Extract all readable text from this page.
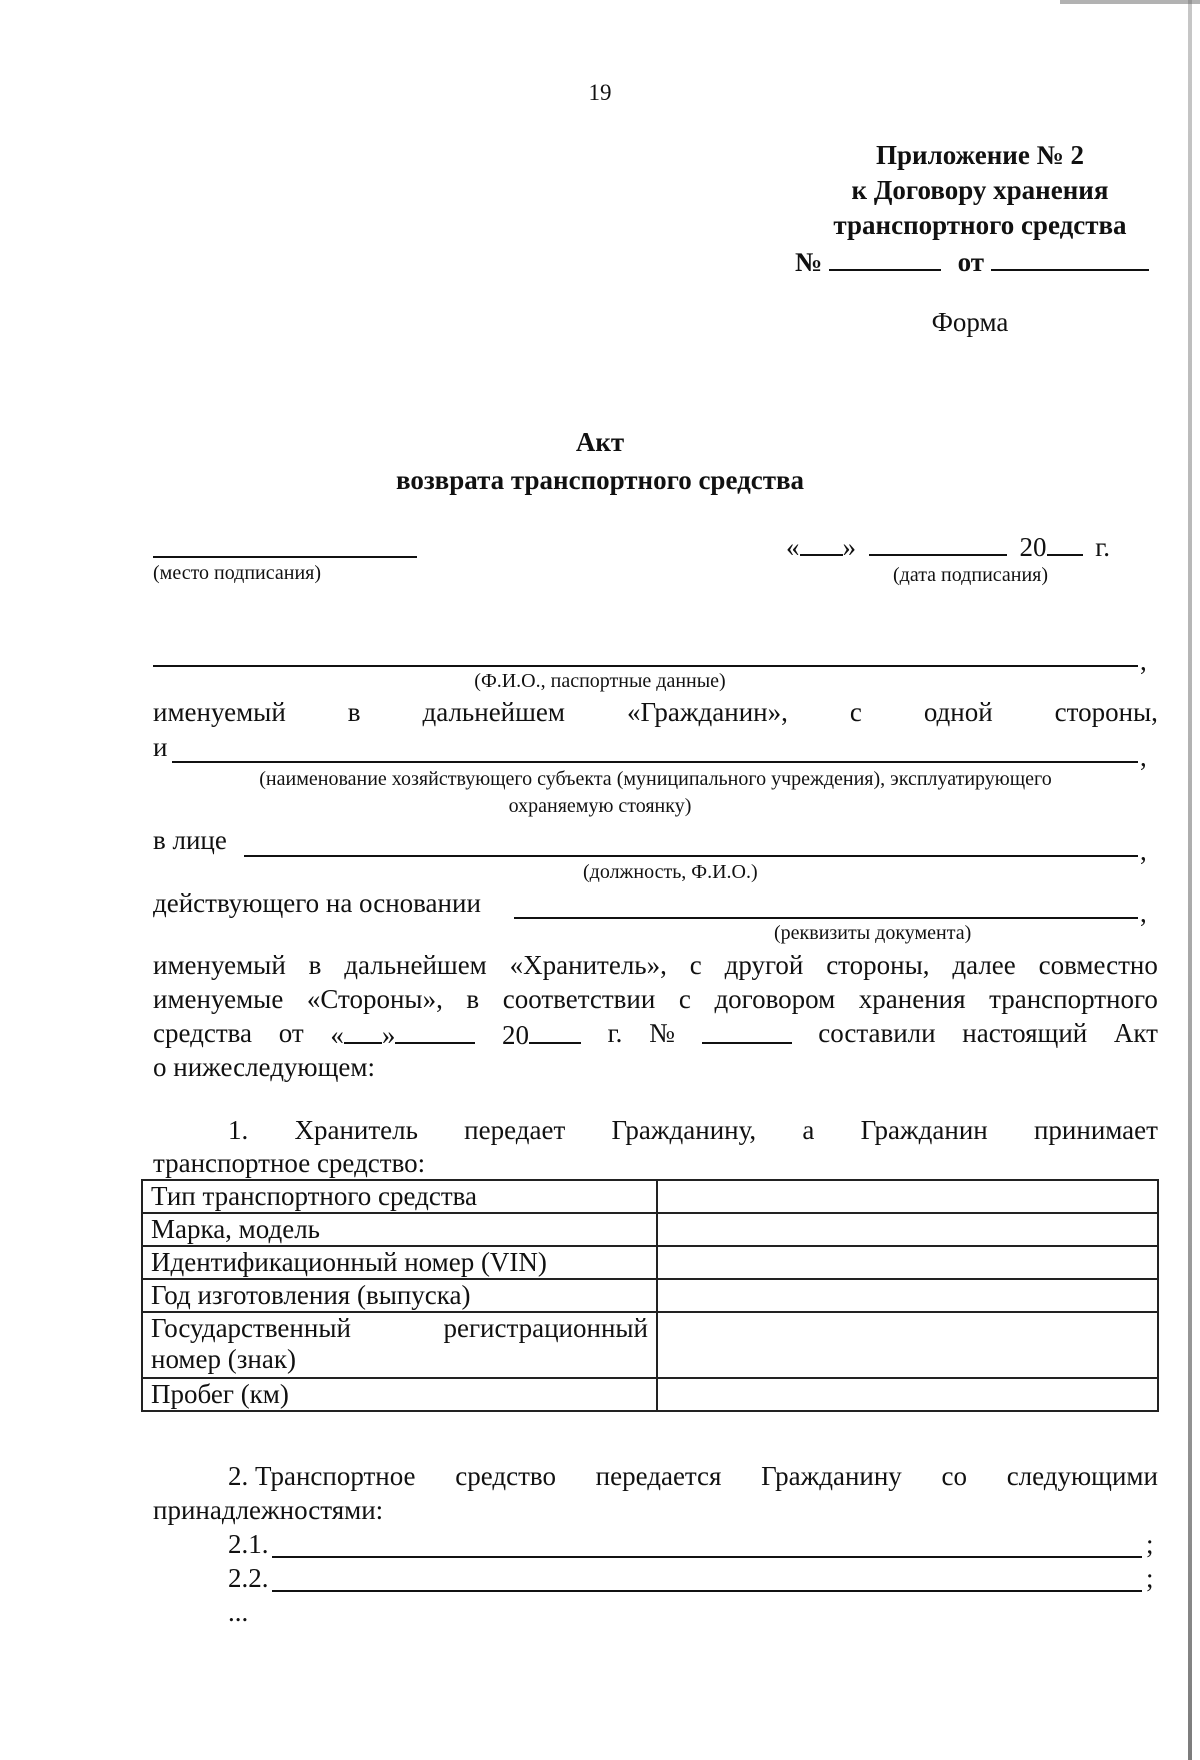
19
Приложение № 2
к Договору хранения
транспортного средства
№	от
Форма
Акт
возврата транспортного средства
(место подписания)
« »	20 г.
(дата подписания)
,
(Ф.И.О., паспортные данные)
именуемый в дальнейшем «Гражданин», с одной стороны,
и	,
(наименование хозяйствующего субъекта (муниципального учреждения), эксплуатирующего
охраняемую стоянку)
в лице	,
(должность, Ф.И.О.)
действующего на основании	,
(реквизиты документа)
именуемый в дальнейшем «Хранитель», с другой стороны, далее совместно
именуемые «Стороны», в соответствии с договором хранения транспортного
средства от « »	20	г. №	составили настоящий Акт
о нижеследующем:
1. Хранитель передает Гражданину, а Гражданин принимает
транспортное средство:
Тип транспортного средства	
Марка, модель	
Идентификационный номер (VIN)	
Год изготовления (выпуска)	

Государственный регистрационный
номер (знак)	

Пробег (км)	
2. Транспортное средство передается Гражданину со следующими
принадлежностями:
2.1.	;
2.2.	;
...
